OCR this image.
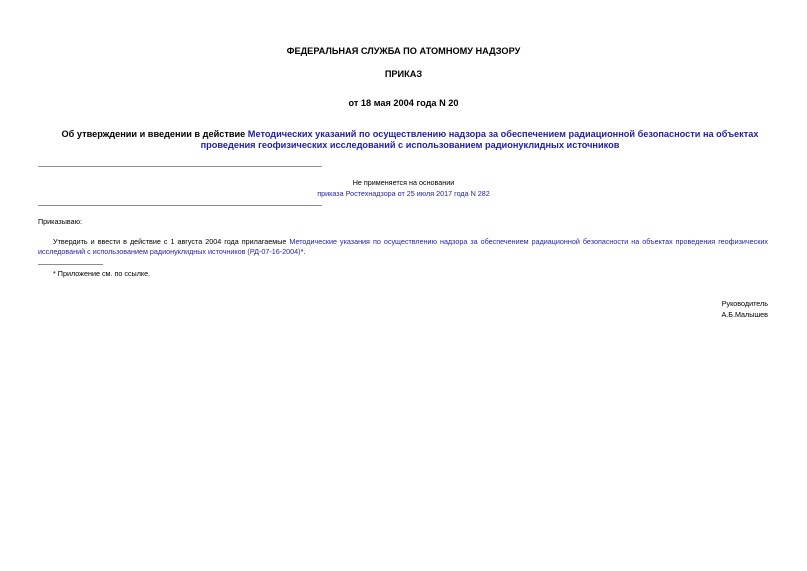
ФЕДЕРАЛЬНАЯ СЛУЖБА ПО АТОМНОМУ НАДЗОРУ
ПРИКАЗ
от 18 мая 2004 года N 20
Об утверждении и введении в действие Методических указаний по осуществлению надзора за обеспечением радиационной безопасности на объектах проведения геофизических исследований с использованием радионуклидных источников
Не применяется на основании
приказа Ростехнадзора от 25 июля 2017 года N 282
Приказываю:
Утвердить и ввести в действие с 1 августа 2004 года прилагаемые Методические указания по осуществлению надзора за обеспечением радиационной безопасности на объектах проведения геофизических исследований с использованием радионуклидных источников (РД-07-16-2004)*.
* Приложение см. по ссылке.
Руководитель
А.Б.Малышев
